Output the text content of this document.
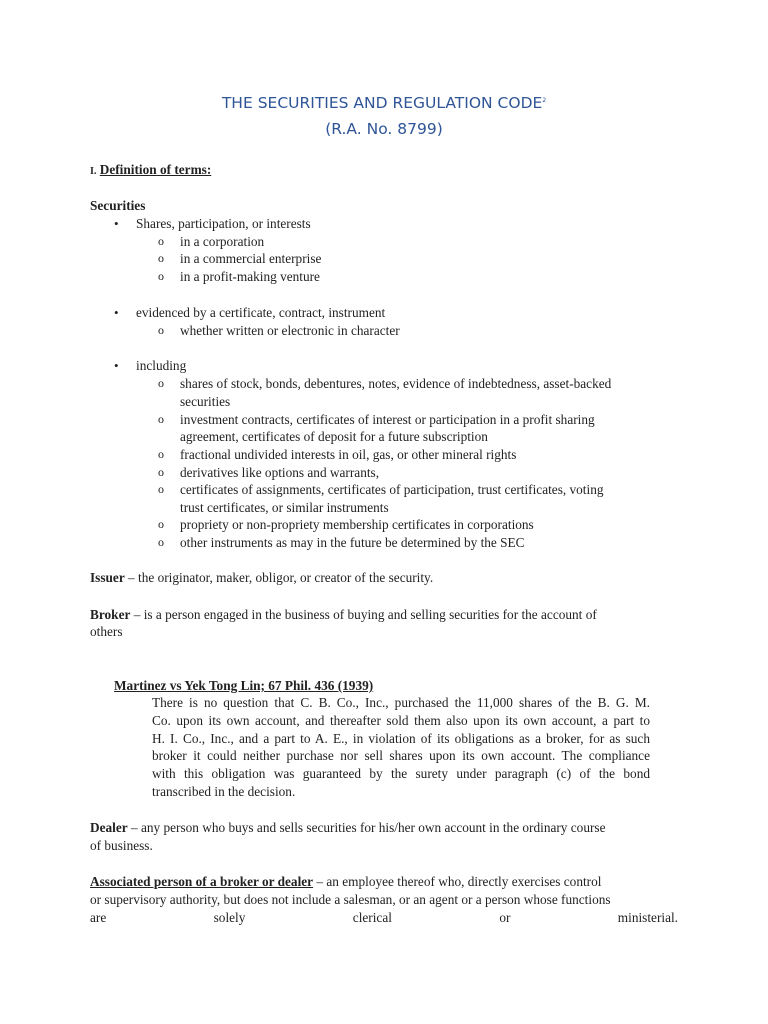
THE SECURITIES AND REGULATION CODE$^2$
(R.A. No. 8799)
I. Definition of terms:
Securities
• Shares, participation, or interests
o in a corporation
o in a commercial enterprise
o in a profit-making venture
• evidenced by a certificate, contract, instrument
o whether written or electronic in character
• including
o shares of stock, bonds, debentures, notes, evidence of indebtedness, asset-backed
securities
o investment contracts, certificates of interest or participation in a profit sharing
agreement, certificates of deposit for a future subscription
o fractional undivided interests in oil, gas, or other mineral rights
o derivatives like options and warrants,
o certificates of assignments, certificates of participation, trust certificates, voting
trust certificates, or similar instruments
o propriety or non-propriety membership certificates in corporations
o other instruments as may in the future be determined by the SEC
Issuer – the originator, maker, obligor, or creator of the security.
Broker – is a person engaged in the business of buying and selling securities for the account of
others
Martinez vs Yek Tong Lin; 67 Phil. 436 (1939)
There is no question that C. B. Co., Inc., purchased the 11,000 shares of the B. G. M.
Co. upon its own account, and thereafter sold them also upon its own account, a part to
H. I. Co., Inc., and a part to A. E., in violation of its obligations as a broker, for as such
broker it could neither purchase nor sell shares upon its own account. The compliance
with this obligation was guaranteed by the surety under paragraph (c) of the bond
transcribed in the decision.
Dealer – any person who buys and sells securities for his/her own account in the ordinary course
of business.
Associated person of a broker or dealer – an employee thereof who, directly exercises control
or supervisory authority, but does not include a salesman, or an agent or a person whose functions
are solely clerical or ministerial.
